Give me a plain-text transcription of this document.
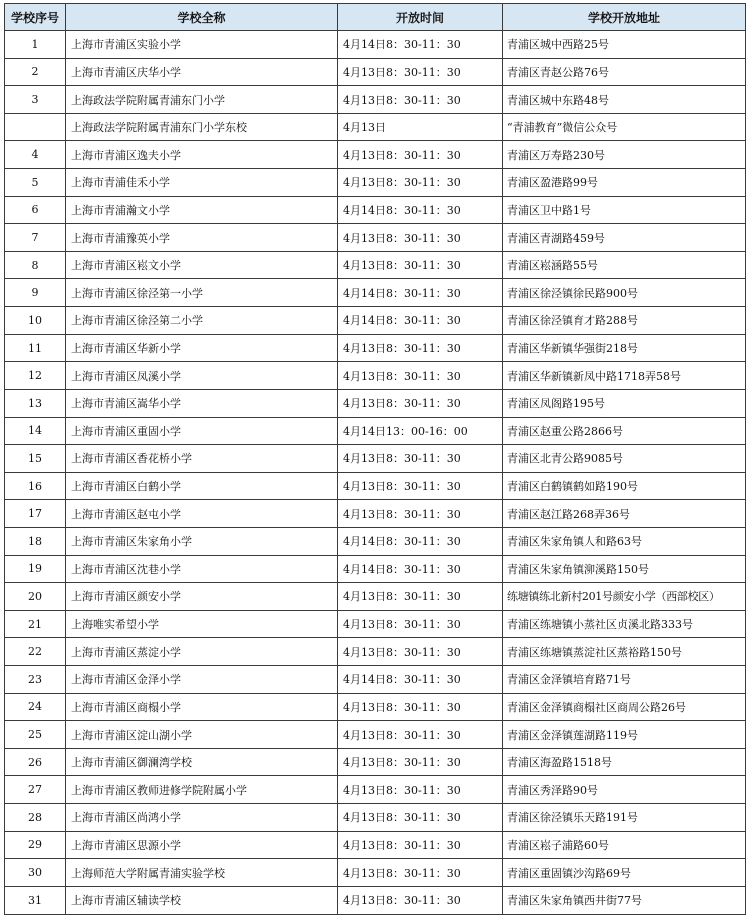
学校序号	学校全称	开放时间	学校开放地址
1	上海市青浦区实验小学	4月14日8：30-11：30	青浦区城中西路25号
2	上海市青浦区庆华小学	4月13日8：30-11：30	青浦区青赵公路76号
3	上海政法学院附属青浦东门小学	4月13日8：30-11：30	青浦区城中东路48号
	上海政法学院附属青浦东门小学东校	4月13日	“青浦教育”微信公众号
4	上海市青浦区逸夫小学	4月13日8：30-11：30	青浦区万寿路230号
5	上海市青浦佳禾小学	4月13日8：30-11：30	青浦区盈港路99号
6	上海市青浦瀚文小学	4月14日8：30-11：30	青浦区卫中路1号
7	上海市青浦豫英小学	4月13日8：30-11：30	青浦区青湖路459号
8	上海市青浦区崧文小学	4月13日8：30-11：30	青浦区崧涵路55号
9	上海市青浦区徐泾第一小学	4月14日8：30-11：30	青浦区徐泾镇徐民路900号
10	上海市青浦区徐泾第二小学	4月14日8：30-11：30	青浦区徐泾镇育才路288号
11	上海市青浦区华新小学	4月13日8：30-11：30	青浦区华新镇华强街218号
12	上海市青浦区凤溪小学	4月13日8：30-11：30	青浦区华新镇新凤中路1718弄58号
13	上海市青浦区嵩华小学	4月13日8：30-11：30	青浦区凤阁路195号
14	上海市青浦区重固小学	4月14日13：00-16：00	青浦区赵重公路2866号
15	上海市青浦区香花桥小学	4月13日8：30-11：30	青浦区北青公路9085号
16	上海市青浦区白鹤小学	4月13日8：30-11：30	青浦区白鹤镇鹤如路190号
17	上海市青浦区赵屯小学	4月13日8：30-11：30	青浦区赵江路268弄36号
18	上海市青浦区朱家角小学	4月14日8：30-11：30	青浦区朱家角镇人和路63号
19	上海市青浦区沈巷小学	4月14日8：30-11：30	青浦区朱家角镇泖溪路150号
20	上海市青浦区颜安小学	4月13日8：30-11：30	练塘镇练北新村201号颜安小学（西部校区）
21	上海唯实希望小学	4月13日8：30-11：30	青浦区练塘镇小蒸社区贞溪北路333号
22	上海市青浦区蒸淀小学	4月13日8：30-11：30	青浦区练塘镇蒸淀社区蒸裕路150号
23	上海市青浦区金泽小学	4月14日8：30-11：30	青浦区金泽镇培育路71号
24	上海市青浦区商榻小学	4月13日8：30-11：30	青浦区金泽镇商榻社区商周公路26号
25	上海市青浦区淀山湖小学	4月13日8：30-11：30	青浦区金泽镇莲湖路119号
26	上海市青浦区御澜湾学校	4月13日8：30-11：30	青浦区海盈路1518号
27	上海市青浦区教师进修学院附属小学	4月13日8：30-11：30	青浦区秀泽路90号
28	上海市青浦区尚鸿小学	4月13日8：30-11：30	青浦区徐泾镇乐天路191号
29	上海市青浦区思源小学	4月13日8：30-11：30	青浦区崧子浦路60号
30	上海师范大学附属青浦实验学校	4月13日8：30-11：30	青浦区重固镇沙沟路69号
31	上海市青浦区辅读学校	4月13日8：30-11：30	青浦区朱家角镇西井街77号
